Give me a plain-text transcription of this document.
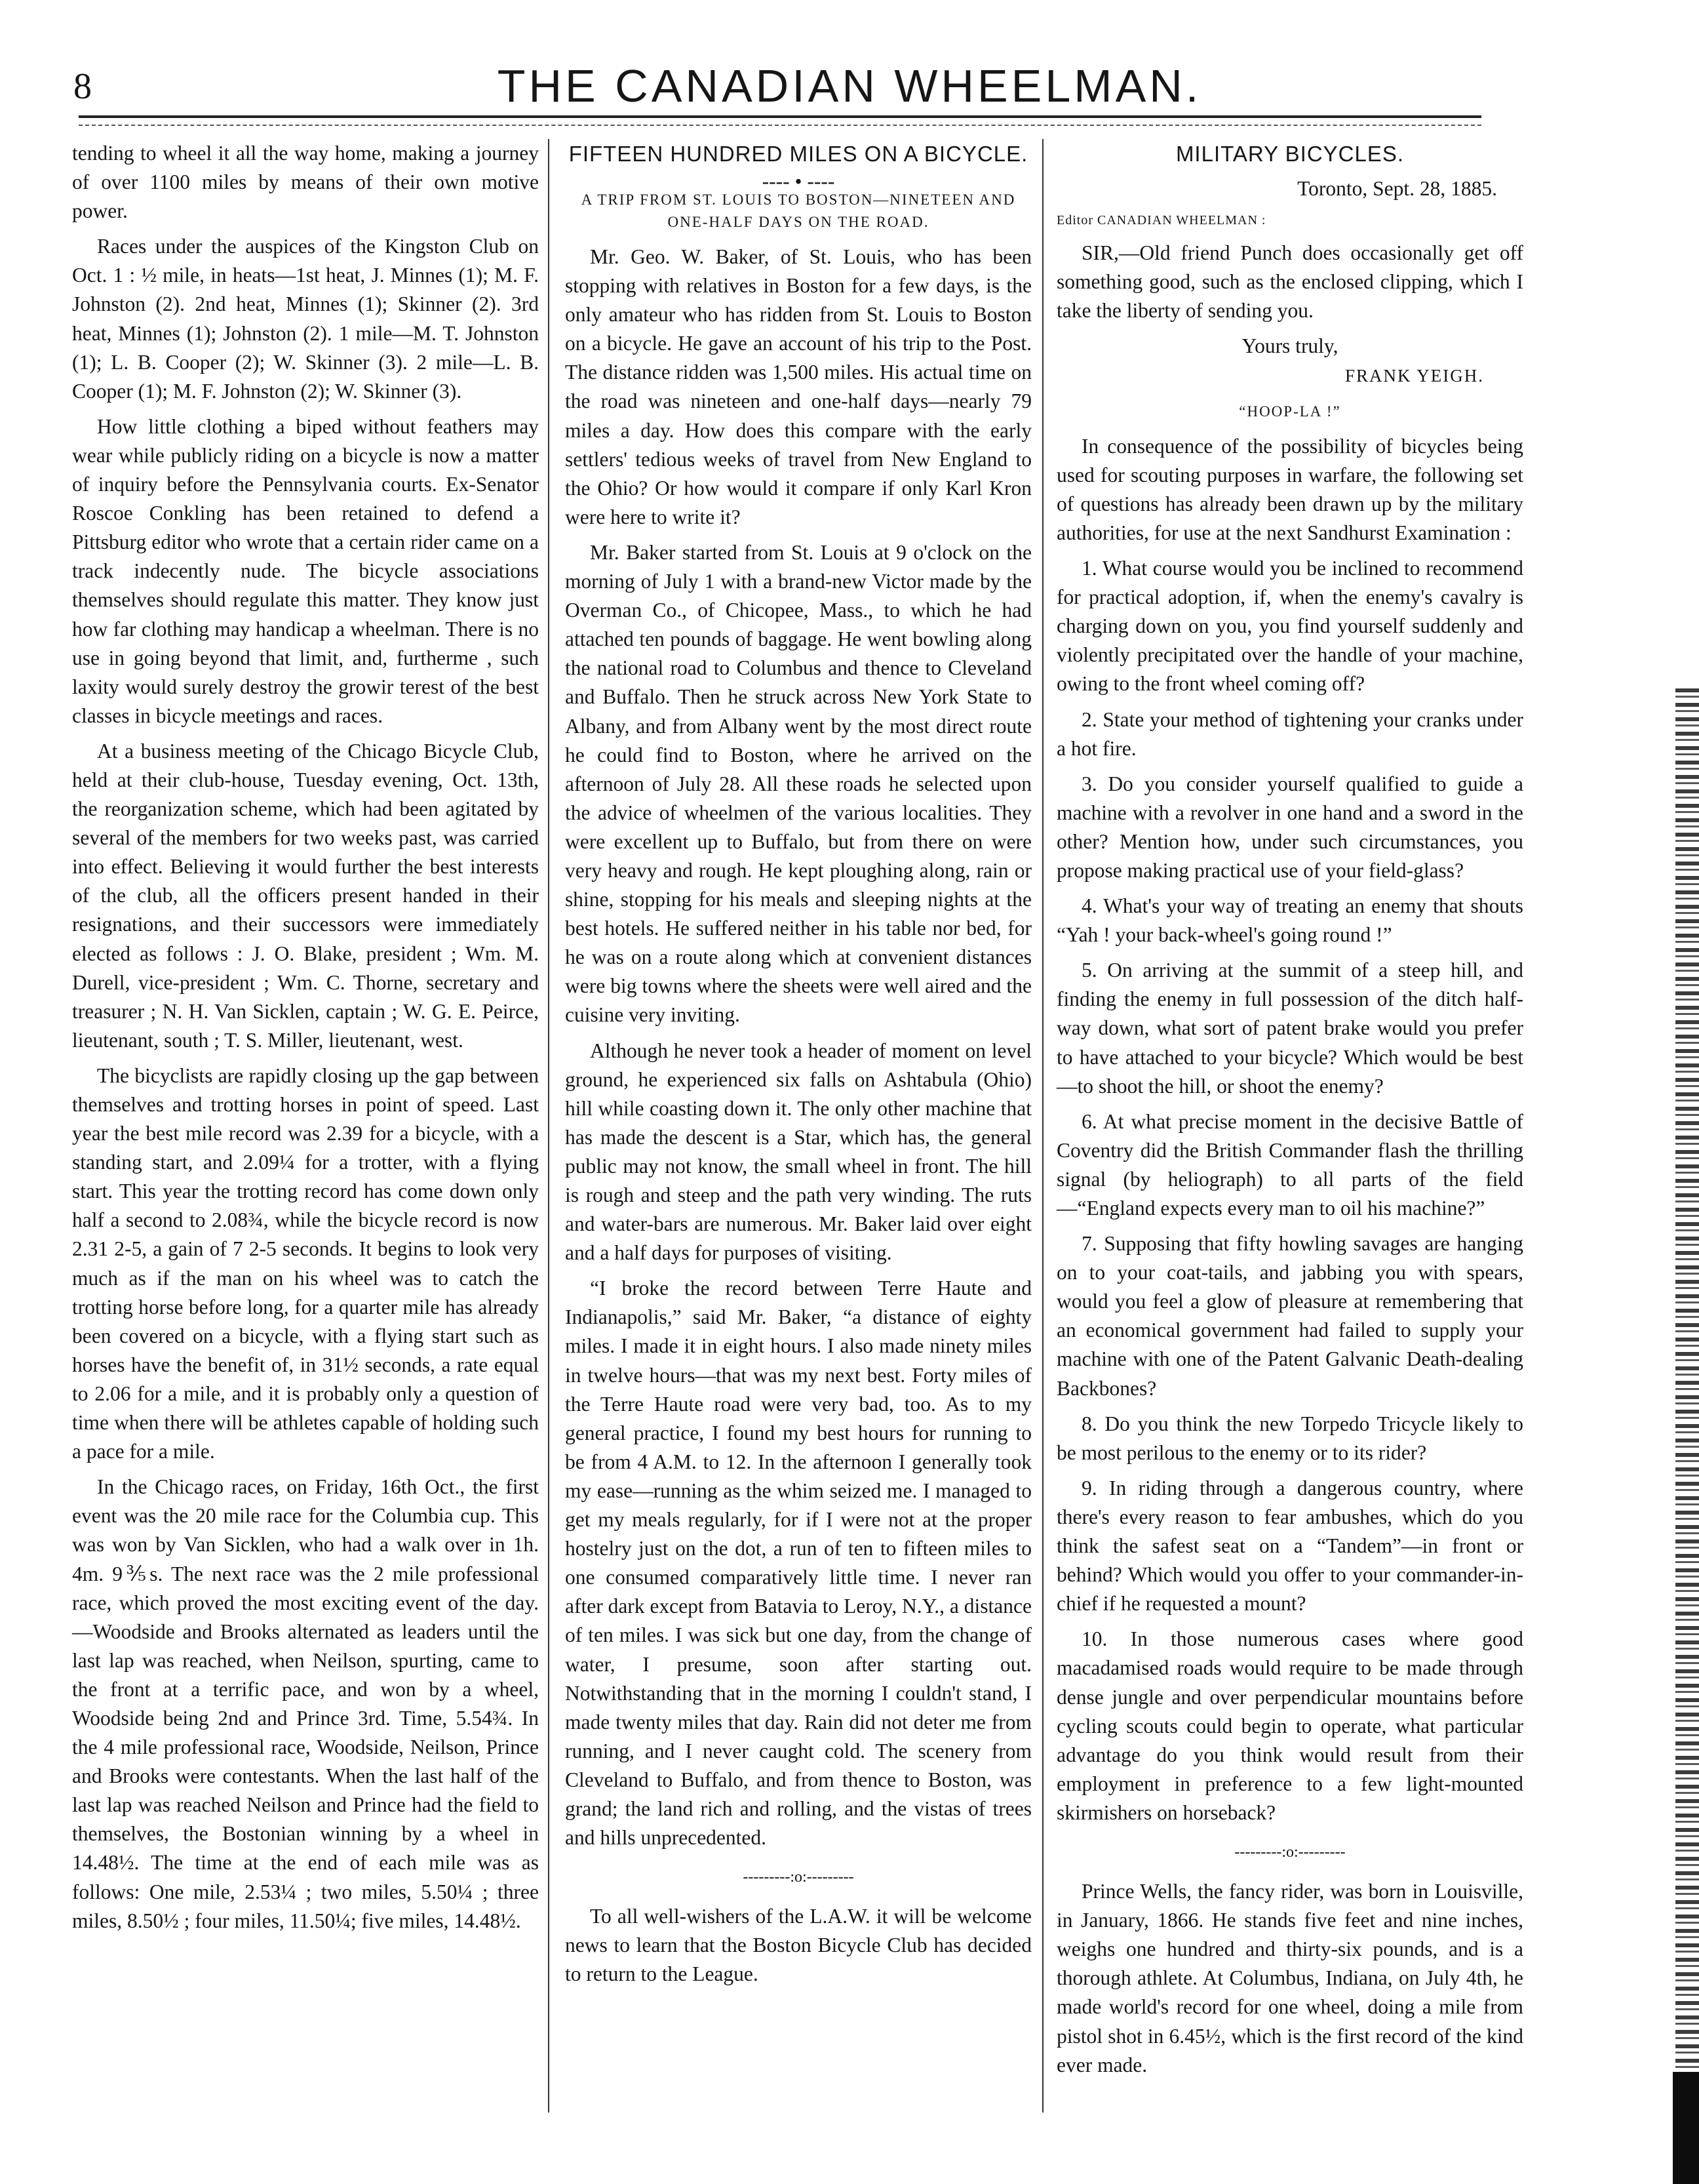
8	THE CANADIAN WHEELMAN.

tending to wheel it all the way home, making a journey of over 1100 miles by means of their own motive power.

Races under the auspices of the Kingston Club on Oct. 1 : ½ mile, in heats—1st heat, J. Minnes (1); M. F. Johnston (2). 2nd heat, Minnes (1); Skinner (2). 3rd heat, Minnes (1); Johnston (2). 1 mile—M. T. Johnston (1); L. B. Cooper (2); W. Skinner (3). 2 mile—L. B. Cooper (1); M. F. Johnston (2); W. Skinner (3).

How little clothing a biped without feathers may wear while publicly riding on a bicycle is now a matter of inquiry before the Pennsylvania courts. Ex-Senator Roscoe Conkling has been retained to defend a Pittsburg editor who wrote that a certain rider came on a track indecently nude. The bicycle associations themselves should regulate this matter. They know just how far clothing may handicap a wheelman. There is no use in going beyond that limit, and, furtherme , such laxity would surely destroy the growir terest of the best classes in bicycle meetings and races.

At a business meeting of the Chicago Bicycle Club, held at their club-house, Tuesday evening, Oct. 13th, the reorganization scheme, which had been agitated by several of the members for two weeks past, was carried into effect. Believing it would further the best interests of the club, all the officers present handed in their resignations, and their successors were immediately elected as follows : J. O. Blake, president ; Wm. M. Durell, vice-president ; Wm. C. Thorne, secretary and treasurer ; N. H. Van Sicklen, captain ; W. G. E. Peirce, lieutenant, south ; T. S. Miller, lieutenant, west.

The bicyclists are rapidly closing up the gap between themselves and trotting horses in point of speed. Last year the best mile record was 2.39 for a bicycle, with a standing start, and 2.09¼ for a trotter, with a flying start. This year the trotting record has come down only half a second to 2.08¾, while the bicycle record is now 2.31 2-5, a gain of 7 2-5 seconds. It begins to look very much as if the man on his wheel was to catch the trotting horse before long, for a quarter mile has already been covered on a bicycle, with a flying start such as horses have the benefit of, in 31½ seconds, a rate equal to 2.06 for a mile, and it is probably only a question of time when there will be athletes capable of holding such a pace for a mile.

In the Chicago races, on Friday, 16th Oct., the first event was the 20 mile race for the Columbia cup. This was won by Van Sicklen, who had a walk over in 1h. 4m. 9⅗s. The next race was the 2 mile professional race, which proved the most exciting event of the day.—Woodside and Brooks alternated as leaders until the last lap was reached, when Neilson, spurting, came to the front at a terrific pace, and won by a wheel, Woodside being 2nd and Prince 3rd. Time, 5.54¾. In the 4 mile professional race, Woodside, Neilson, Prince and Brooks were contestants. When the last half of the last lap was reached Neilson and Prince had the field to themselves, the Bostonian winning by a wheel in 14.48½. The time at the end of each mile was as follows: One mile, 2.53¼ ; two miles, 5.50¼ ; three miles, 8.50½ ; four miles, 11.50¼; five miles, 14.48½.

FIFTEEN HUNDRED MILES ON A BICYCLE.
---- • ----
A TRIP FROM ST. LOUIS TO BOSTON—NINETEEN AND ONE-HALF DAYS ON THE ROAD.

Mr. Geo. W. Baker, of St. Louis, who has been stopping with relatives in Boston for a few days, is the only amateur who has ridden from St. Louis to Boston on a bicycle. He gave an account of his trip to the Post. The distance ridden was 1,500 miles. His actual time on the road was nineteen and one-half days—nearly 79 miles a day. How does this compare with the early settlers' tedious weeks of travel from New England to the Ohio? Or how would it compare if only Karl Kron were here to write it?

Mr. Baker started from St. Louis at 9 o'clock on the morning of July 1 with a brand-new Victor made by the Overman Co., of Chicopee, Mass., to which he had attached ten pounds of baggage. He went bowling along the national road to Columbus and thence to Cleveland and Buffalo. Then he struck across New York State to Albany, and from Albany went by the most direct route he could find to Boston, where he arrived on the afternoon of July 28. All these roads he selected upon the advice of wheelmen of the various localities. They were excellent up to Buffalo, but from there on were very heavy and rough. He kept ploughing along, rain or shine, stopping for his meals and sleeping nights at the best hotels. He suffered neither in his table nor bed, for he was on a route along which at convenient distances were big towns where the sheets were well aired and the cuisine very inviting.

Although he never took a header of moment on level ground, he experienced six falls on Ashtabula (Ohio) hill while coasting down it. The only other machine that has made the descent is a Star, which has, the general public may not know, the small wheel in front. The hill is rough and steep and the path very winding. The ruts and water-bars are numerous. Mr. Baker laid over eight and a half days for purposes of visiting.

“I broke the record between Terre Haute and Indianapolis,” said Mr. Baker, “a distance of eighty miles. I made it in eight hours. I also made ninety miles in twelve hours—that was my next best. Forty miles of the Terre Haute road were very bad, too. As to my general practice, I found my best hours for running to be from 4 A.M. to 12. In the afternoon I generally took my ease—running as the whim seized me. I managed to get my meals regularly, for if I were not at the proper hostelry just on the dot, a run of ten to fifteen miles to one consumed comparatively little time. I never ran after dark except from Batavia to Leroy, N.Y., a distance of ten miles. I was sick but one day, from the change of water, I presume, soon after starting out. Notwithstanding that in the morning I couldn't stand, I made twenty miles that day. Rain did not deter me from running, and I never caught cold. The scenery from Cleveland to Buffalo, and from thence to Boston, was grand; the land rich and rolling, and the vistas of trees and hills unprecedented.

---------:o:---------

To all well-wishers of the L.A.W. it will be welcome news to learn that the Boston Bicycle Club has decided to return to the League.

MILITARY BICYCLES.
Toronto, Sept. 28, 1885.
Editor CANADIAN WHEELMAN :

SIR,—Old friend Punch does occasionally get off something good, such as the enclosed clipping, which I take the liberty of sending you.

Yours truly,
FRANK YEIGH.
“HOOP-LA !”

In consequence of the possibility of bicycles being used for scouting purposes in warfare, the following set of questions has already been drawn up by the military authorities, for use at the next Sandhurst Examination :

1. What course would you be inclined to recommend for practical adoption, if, when the enemy's cavalry is charging down on you, you find yourself suddenly and violently precipitated over the handle of your machine, owing to the front wheel coming off?

2. State your method of tightening your cranks under a hot fire.

3. Do you consider yourself qualified to guide a machine with a revolver in one hand and a sword in the other? Mention how, under such circumstances, you propose making practical use of your field-glass?

4. What's your way of treating an enemy that shouts “Yah ! your back-wheel's going round !”

5. On arriving at the summit of a steep hill, and finding the enemy in full possession of the ditch half-way down, what sort of patent brake would you prefer to have attached to your bicycle? Which would be best—to shoot the hill, or shoot the enemy?

6. At what precise moment in the decisive Battle of Coventry did the British Commander flash the thrilling signal (by heliograph) to all parts of the field—“England expects every man to oil his machine?”

7. Supposing that fifty howling savages are hanging on to your coat-tails, and jabbing you with spears, would you feel a glow of pleasure at remembering that an economical government had failed to supply your machine with one of the Patent Galvanic Death-dealing Backbones?

8. Do you think the new Torpedo Tricycle likely to be most perilous to the enemy or to its rider?

9. In riding through a dangerous country, where there's every reason to fear ambushes, which do you think the safest seat on a “Tandem”—in front or behind? Which would you offer to your commander-in-chief if he requested a mount?

10. In those numerous cases where good macadamised roads would require to be made through dense jungle and over perpendicular mountains before cycling scouts could begin to operate, what particular advantage do you think would result from their employment in preference to a few light-mounted skirmishers on horseback?

---------:o:---------

Prince Wells, the fancy rider, was born in Louisville, in January, 1866. He stands five feet and nine inches, weighs one hundred and thirty-six pounds, and is a thorough athlete. At Columbus, Indiana, on July 4th, he made world's record for one wheel, doing a mile from pistol shot in 6.45½, which is the first record of the kind ever made.
